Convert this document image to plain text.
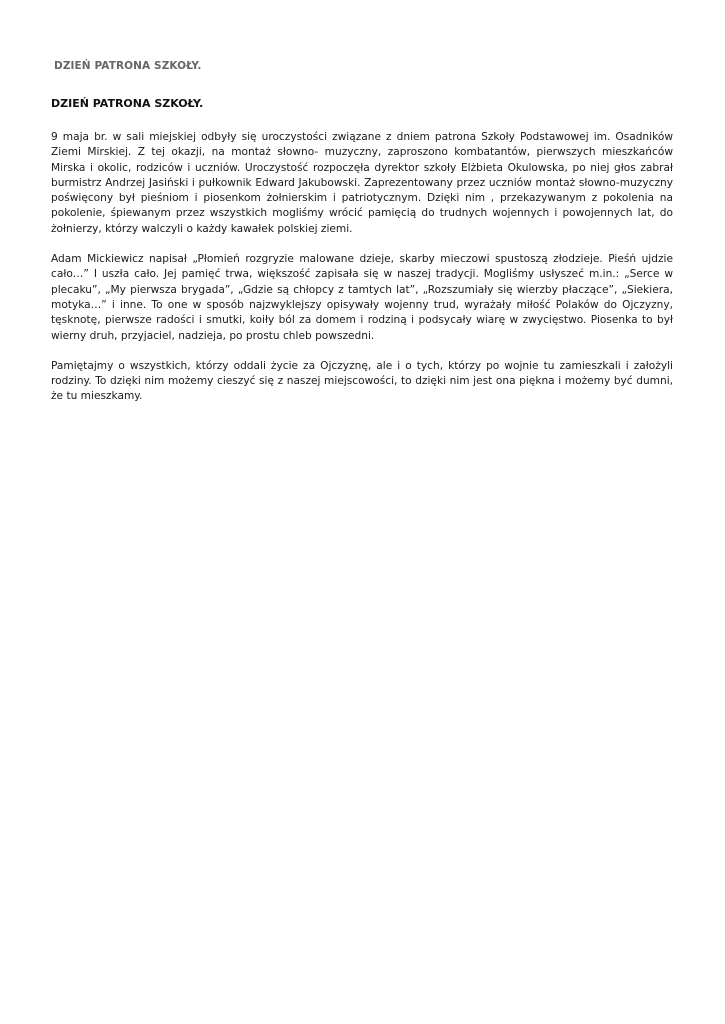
DZIEŃ PATRONA SZKOŁY.
DZIEŃ PATRONA SZKOŁY.

9 maja br. w sali miejskiej odbyły się uroczystości związane z dniem patrona Szkoły Podstawowej im. Osadników Ziemi Mirskiej. Z tej okazji, na montaż słowno- muzyczny, zaproszono kombatantów, pierwszych mieszkańców Mirska i okolic, rodziców i uczniów. Uroczystość rozpoczęła dyrektor szkoły Elżbieta Okulowska, po niej głos zabrał burmistrz Andrzej Jasiński i pułkownik Edward Jakubowski. Zaprezentowany przez uczniów montaż słowno-muzyczny poświęcony był pieśniom i piosenkom żołnierskim i patriotycznym. Dzięki nim , przekazywanym z pokolenia na pokolenie, śpiewanym przez wszystkich mogliśmy wrócić pamięcią do trudnych wojennych i powojennych lat, do żołnierzy, którzy walczyli o każdy kawałek polskiej ziemi.

Adam Mickiewicz napisał „Płomień rozgryzie malowane dzieje, skarby mieczowi spustoszą złodzieje. Pieśń ujdzie cało…” I uszła cało. Jej pamięć trwa, większość zapisała się w naszej tradycji. Mogliśmy usłyszeć m.in.: „Serce w plecaku”, „My pierwsza brygada”, „Gdzie są chłopcy z tamtych lat”, „Rozszumiały się wierzby płaczące”, „Siekiera, motyka…” i inne. To one w sposób najzwyklejszy opisywały wojenny trud, wyrażały miłość Polaków do Ojczyzny, tęsknotę, pierwsze radości i smutki, koiły ból za domem i rodziną i podsycały wiarę w zwycięstwo. Piosenka to był wierny druh, przyjaciel, nadzieja, po prostu chleb powszedni.

Pamiętajmy o wszystkich, którzy oddali życie za Ojczyznę, ale i o tych, którzy po wojnie tu zamieszkali i założyli rodziny. To dzięki nim możemy cieszyć się z naszej miejscowości, to dzięki nim jest ona piękna i możemy być dumni, że tu mieszkamy.
